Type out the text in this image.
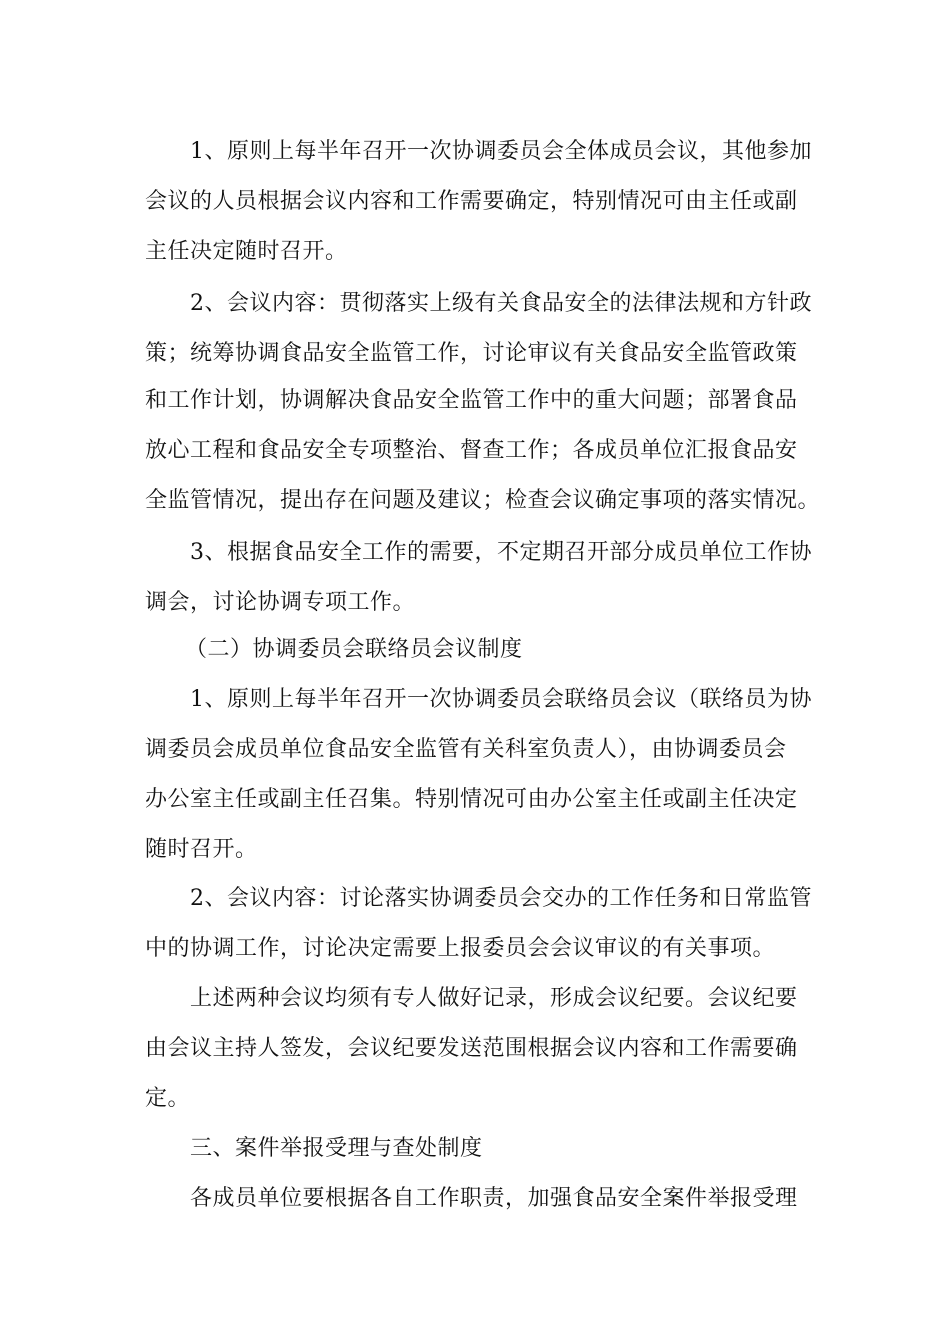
1、原则上每半年召开一次协调委员会全体成员会议，其他参加
会议的人员根据会议内容和工作需要确定，特别情况可由主任或副
主任决定随时召开。
2、会议内容：贯彻落实上级有关食品安全的法律法规和方针政
策；统筹协调食品安全监管工作，讨论审议有关食品安全监管政策
和工作计划，协调解决食品安全监管工作中的重大问题；部署食品
放心工程和食品安全专项整治、督查工作；各成员单位汇报食品安
全监管情况，提出存在问题及建议；检查会议确定事项的落实情况。
3、根据食品安全工作的需要，不定期召开部分成员单位工作协
调会，讨论协调专项工作。
（二）协调委员会联络员会议制度
1、原则上每半年召开一次协调委员会联络员会议（联络员为协
调委员会成员单位食品安全监管有关科室负责人），由协调委员会
办公室主任或副主任召集。特别情况可由办公室主任或副主任决定
随时召开。
2、会议内容：讨论落实协调委员会交办的工作任务和日常监管
中的协调工作，讨论决定需要上报委员会会议审议的有关事项。
上述两种会议均须有专人做好记录，形成会议纪要。会议纪要
由会议主持人签发，会议纪要发送范围根据会议内容和工作需要确
定。
三、案件举报受理与查处制度
各成员单位要根据各自工作职责，加强食品安全案件举报受理
